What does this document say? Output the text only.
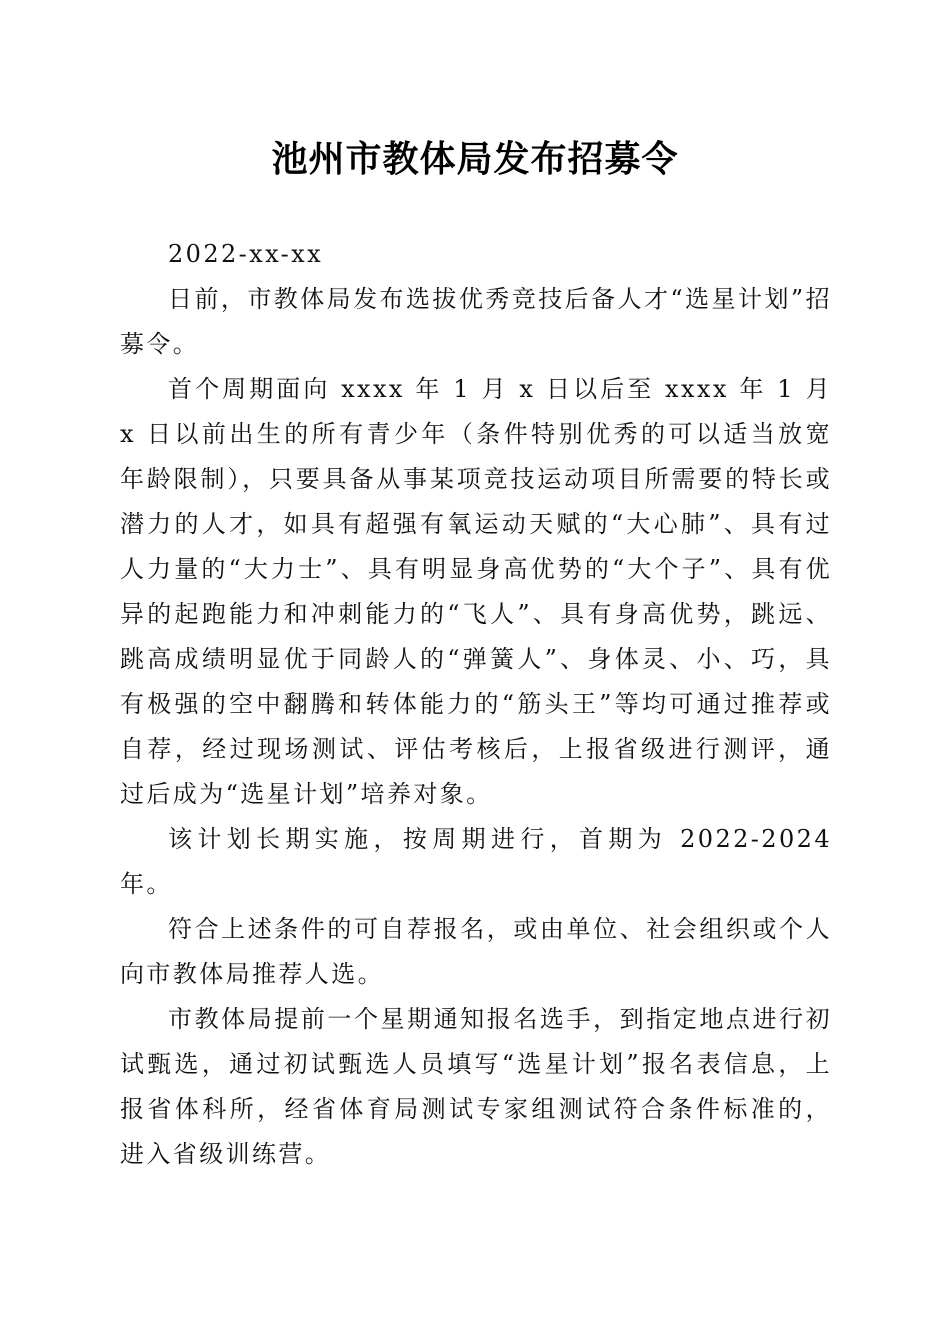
池州市教体局发布招募令

2022-xx-xx

日前，市教体局发布选拔优秀竞技后备人才“选星计划”招募令。

首个周期面向 xxxx 年 1 月 x 日以后至 xxxx 年 1 月 x 日以前出生的所有青少年（条件特别优秀的可以适当放宽年龄限制），只要具备从事某项竞技运动项目所需要的特长或潜力的人才，如具有超强有氧运动天赋的“大心肺”、具有过人力量的“大力士”、具有明显身高优势的“大个子”、具有优异的起跑能力和冲刺能力的“飞人”、具有身高优势，跳远、跳高成绩明显优于同龄人的“弹簧人”、身体灵、小、巧，具有极强的空中翻腾和转体能力的“筋头王”等均可通过推荐或自荐，经过现场测试、评估考核后，上报省级进行测评，通过后成为“选星计划”培养对象。

该计划长期实施，按周期进行，首期为 2022-2024 年。

符合上述条件的可自荐报名，或由单位、社会组织或个人向市教体局推荐人选。

市教体局提前一个星期通知报名选手，到指定地点进行初试甄选，通过初试甄选人员填写“选星计划”报名表信息，上报省体科所，经省体育局测试专家组测试符合条件标准的，进入省级训练营。
